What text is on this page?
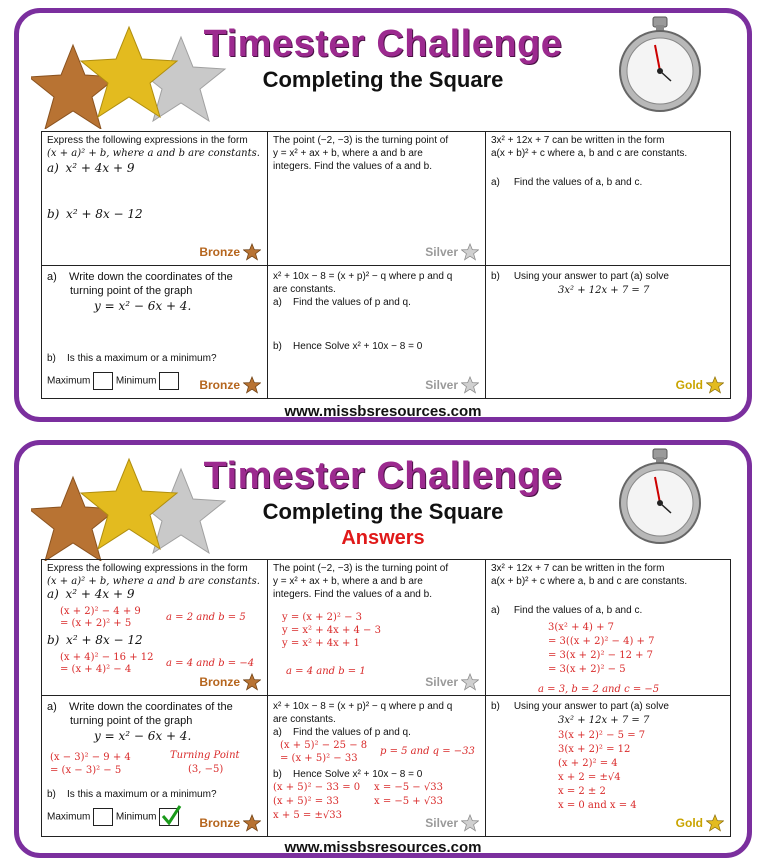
Timester Challenge
Completing the Square
Express the following expressions in the form
(x + a)² + b, where a and b are constants.
a) x² + 4x + 9
b) x² + 8x − 12
Bronze
The point (−2, −3) is the turning point of
y = x² + ax + b, where a and b are
integers. Find the values of a and b.
Silver
3x² + 12x + 7 can be written in the form
a(x + b)² + c where a, b and c are constants.
a) Find the values of a, b and c.
a) Write down the coordinates of the
turning point of the graph
y = x² − 6x + 4.
b) Is this a maximum or a minimum?
Maximum	Minimum	Bronze
x² + 10x − 8 = (x + p)² − q where p and q
are constants.
a) Find the values of p and q.
b) Hence Solve x² + 10x − 8 = 0
Silver
b) Using your answer to part (a) solve
3x² + 12x + 7 = 7
Gold
www.missbsresources.com
Timester Challenge
Completing the Square
Answers
Express the following expressions in the form
(x + a)² + b, where a and b are constants.
a) x² + 4x + 9
(x + 2)² − 4 + 9
= (x + 2)² + 5
a = 2 and b = 5
b) x² + 8x − 12
(x + 4)² − 16 + 12
= (x + 4)² − 4
a = 4 and b = −4
Bronze
The point (−2, −3) is the turning point of
y = x² + ax + b, where a and b are
integers. Find the values of a and b.
y = (x + 2)² − 3
y = x² + 4x + 4 − 3
y = x² + 4x + 1
a = 4 and b = 1
Silver
3x² + 12x + 7 can be written in the form
a(x + b)² + c where a, b and c are constants.
a) Find the values of a, b and c.
3(x² + 4) + 7
= 3((x + 2)² − 4) + 7
= 3(x + 2)² − 12 + 7
= 3(x + 2)² − 5
a = 3, b = 2 and c = −5
a) Write down the coordinates of the
turning point of the graph
y = x² − 6x + 4.
(x − 3)² − 9 + 4
= (x − 3)² − 5
Turning Point
(3, −5)
b) Is this a maximum or a minimum?
Maximum	Minimum	Bronze
x² + 10x − 8 = (x + p)² − q where p and q
are constants.
a) Find the values of p and q.
(x + 5)² − 25 − 8
= (x + 5)² − 33
p = 5 and q = −33
b) Hence Solve x² + 10x − 8 = 0
(x + 5)² − 33 = 0
(x + 5)² = 33
x + 5 = ±√33
x = −5 − √33
x = −5 + √33
Silver
b) Using your answer to part (a) solve
3x² + 12x + 7 = 7
3(x + 2)² − 5 = 7
3(x + 2)² = 12
(x + 2)² = 4
x + 2 = ±√4
x = 2 ± 2
x = 0 and x = 4
Gold
www.missbsresources.com
